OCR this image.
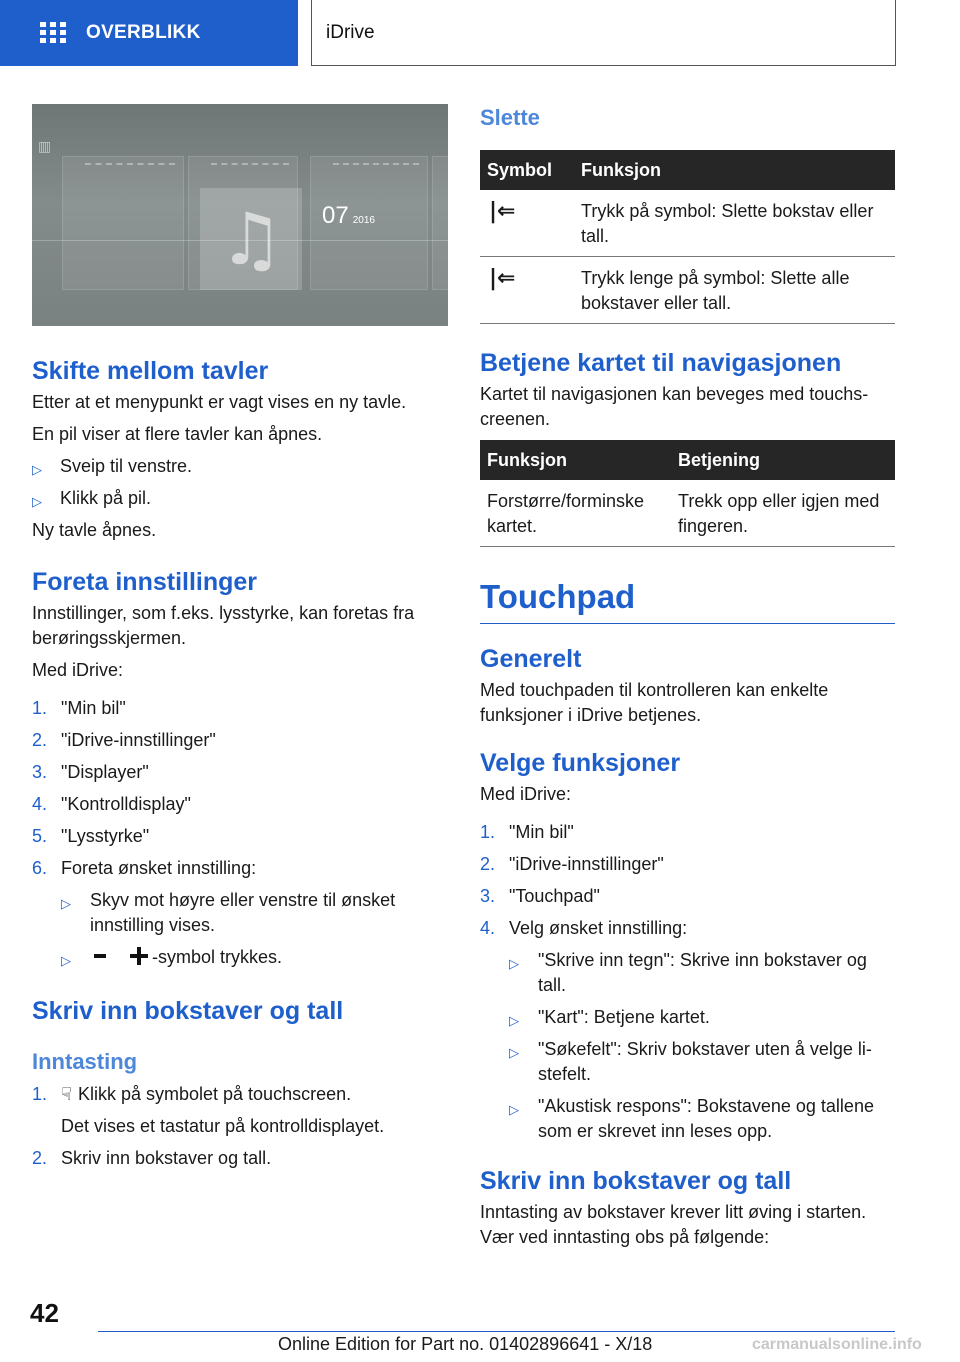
OVERBLIKK	iDrive
▥
♫	07 2016
Skifte mellom tavler

Etter at et menypunkt er vagt vises en ny tavle.

En pil viser at flere tavler kan åpnes.

▷ Sveip til venstre.
▷ Klikk på pil.

Ny tavle åpnes.

Foreta innstillinger

Innstillinger, som f.eks. lysstyrke, kan foretas fra berøringsskjermen.

Med iDrive:

1. "Min bil"
2. "iDrive-innstillinger"
3. "Displayer"
4. "Kontrolldisplay"
5. "Lysstyrke"
6. Foreta ønsket innstilling:
▷ Skyv mot høyre eller venstre til ønsket innstilling vises.
▷	-symbol trykkes.
Skriv inn bokstaver og tall
Inntasting
1. ☟ Klikk på symbolet på touchscreen.

Det vises et tastatur på kontrolldisplayet.

2. Skriv inn bokstaver og tall.
Slette
Symbol	Funksjon
|⇐	Trykk på symbol: Slette bokstav eller tall.
|⇐	Trykk lenge på symbol: Slette alle bokstaver eller tall.
Betjene kartet til navigasjonen

Kartet til navigasjonen kan beveges med touchs-creenen.

Funksjon	Betjening
Forstørre/forminske kartet.	Trekk opp eller igjen med fingeren.
Touchpad
Generelt

Med touchpaden til kontrolleren kan enkelte funksjoner i iDrive betjenes.

Velge funksjoner

Med iDrive:

1. "Min bil"
2. "iDrive-innstillinger"
3. "Touchpad"
4. Velg ønsket innstilling:
▷ "Skrive inn tegn": Skrive inn bokstaver og tall.
▷ "Kart": Betjene kartet.
▷ "Søkefelt": Skriv bokstaver uten å velge li-stefelt.
▷ "Akustisk respons": Bokstavene og tallene som er skrevet inn leses opp.
Skriv inn bokstaver og tall

Inntasting av bokstaver krever litt øving i starten. Vær ved inntasting obs på følgende:

42
Online Edition for Part no. 01402896641 - X/18	carmanualsonline.info
